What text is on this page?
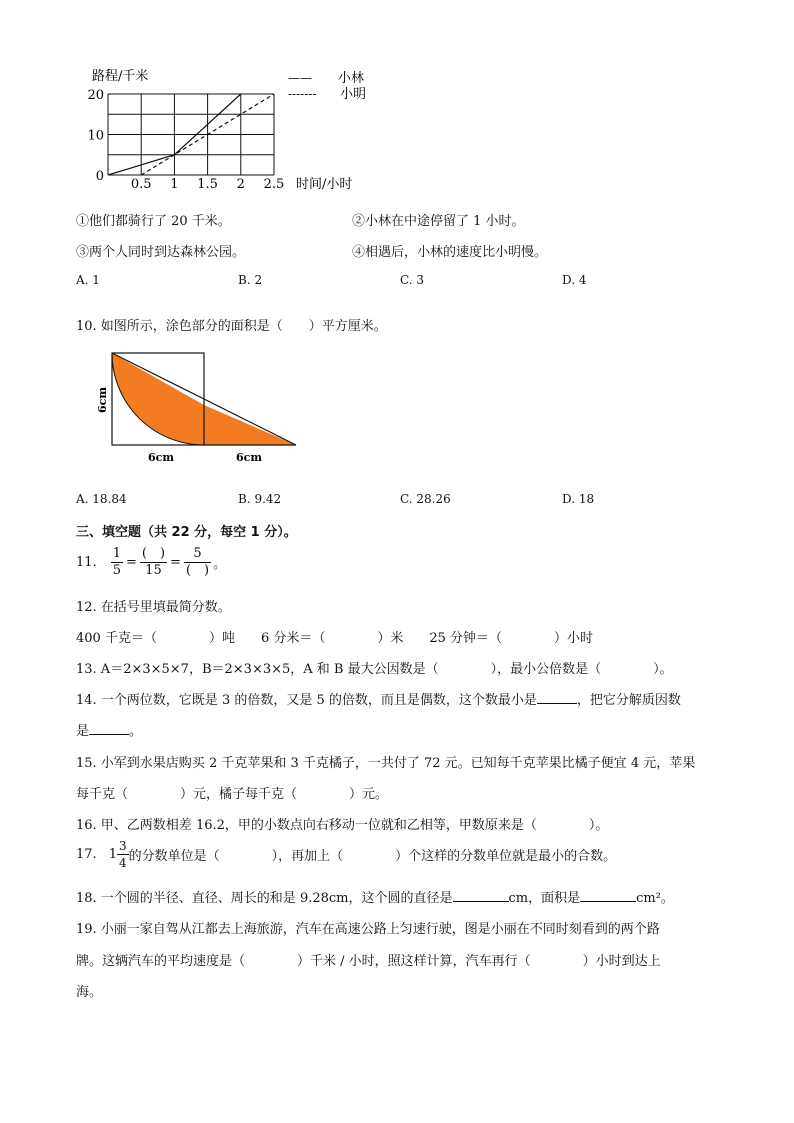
路程/千米
0.5 1 1.5 2 2.5
0
10
20
时间/小时
—— 小林
------- 小明
①他们都骑行了 20 千米。	②小林在中途停留了 1 小时。
③两个人同时到达森林公园。	④相遇后，小林的速度比小明慢。
A. 1	B. 2	C. 3	D. 4
10. 如图所示，涂色部分的面积是（　　）平方厘米。
6cm
6cm	6cm
A. 18.84	B. 9.42	C. 28.26	D. 18
三、填空题（共 22 分，每空 1 分）。
11. $\frac{1}{5} = \frac{( )}{15} = \frac{5}{( )}$ 。
12. 在括号里填最简分数。
400 千克＝（　　　　）吨　　6 分米＝（　　　　）米　　25 分钟＝（　　　　）小时
13. A＝2×3×5×7，B＝2×3×3×5，A 和 B 最大公因数是（　　　　），最小公倍数是（　　　　）。
14. 一个两位数，它既是 3 的倍数，又是 5 的倍数，而且是偶数，这个数最小是	，把它分解质因数
是	。
15. 小军到水果店购买 2 千克苹果和 3 千克橘子，一共付了 72 元。已知每千克苹果比橘子便宜 4 元，苹果
每千克（　　　　）元，橘子每千克（　　　　）元。
16. 甲、乙两数相差 16.2，甲的小数点向右移动一位就和乙相等，甲数原来是（　　　　）。
17. $1 \frac{3}{4}$ 的分数单位是（　　　　），再加上（　　　　）个这样的分数单位就是最小的合数。
18. 一个圆的半径、直径、周长的和是 9.28cm，这个圆的直径是	cm，面积是	cm²。
19. 小丽一家自驾从江都去上海旅游，汽车在高速公路上匀速行驶，图是小丽在不同时刻看到的两个路
牌。这辆汽车的平均速度是（　　　　）千米 / 小时，照这样计算，汽车再行（　　　　）小时到达上
海。
